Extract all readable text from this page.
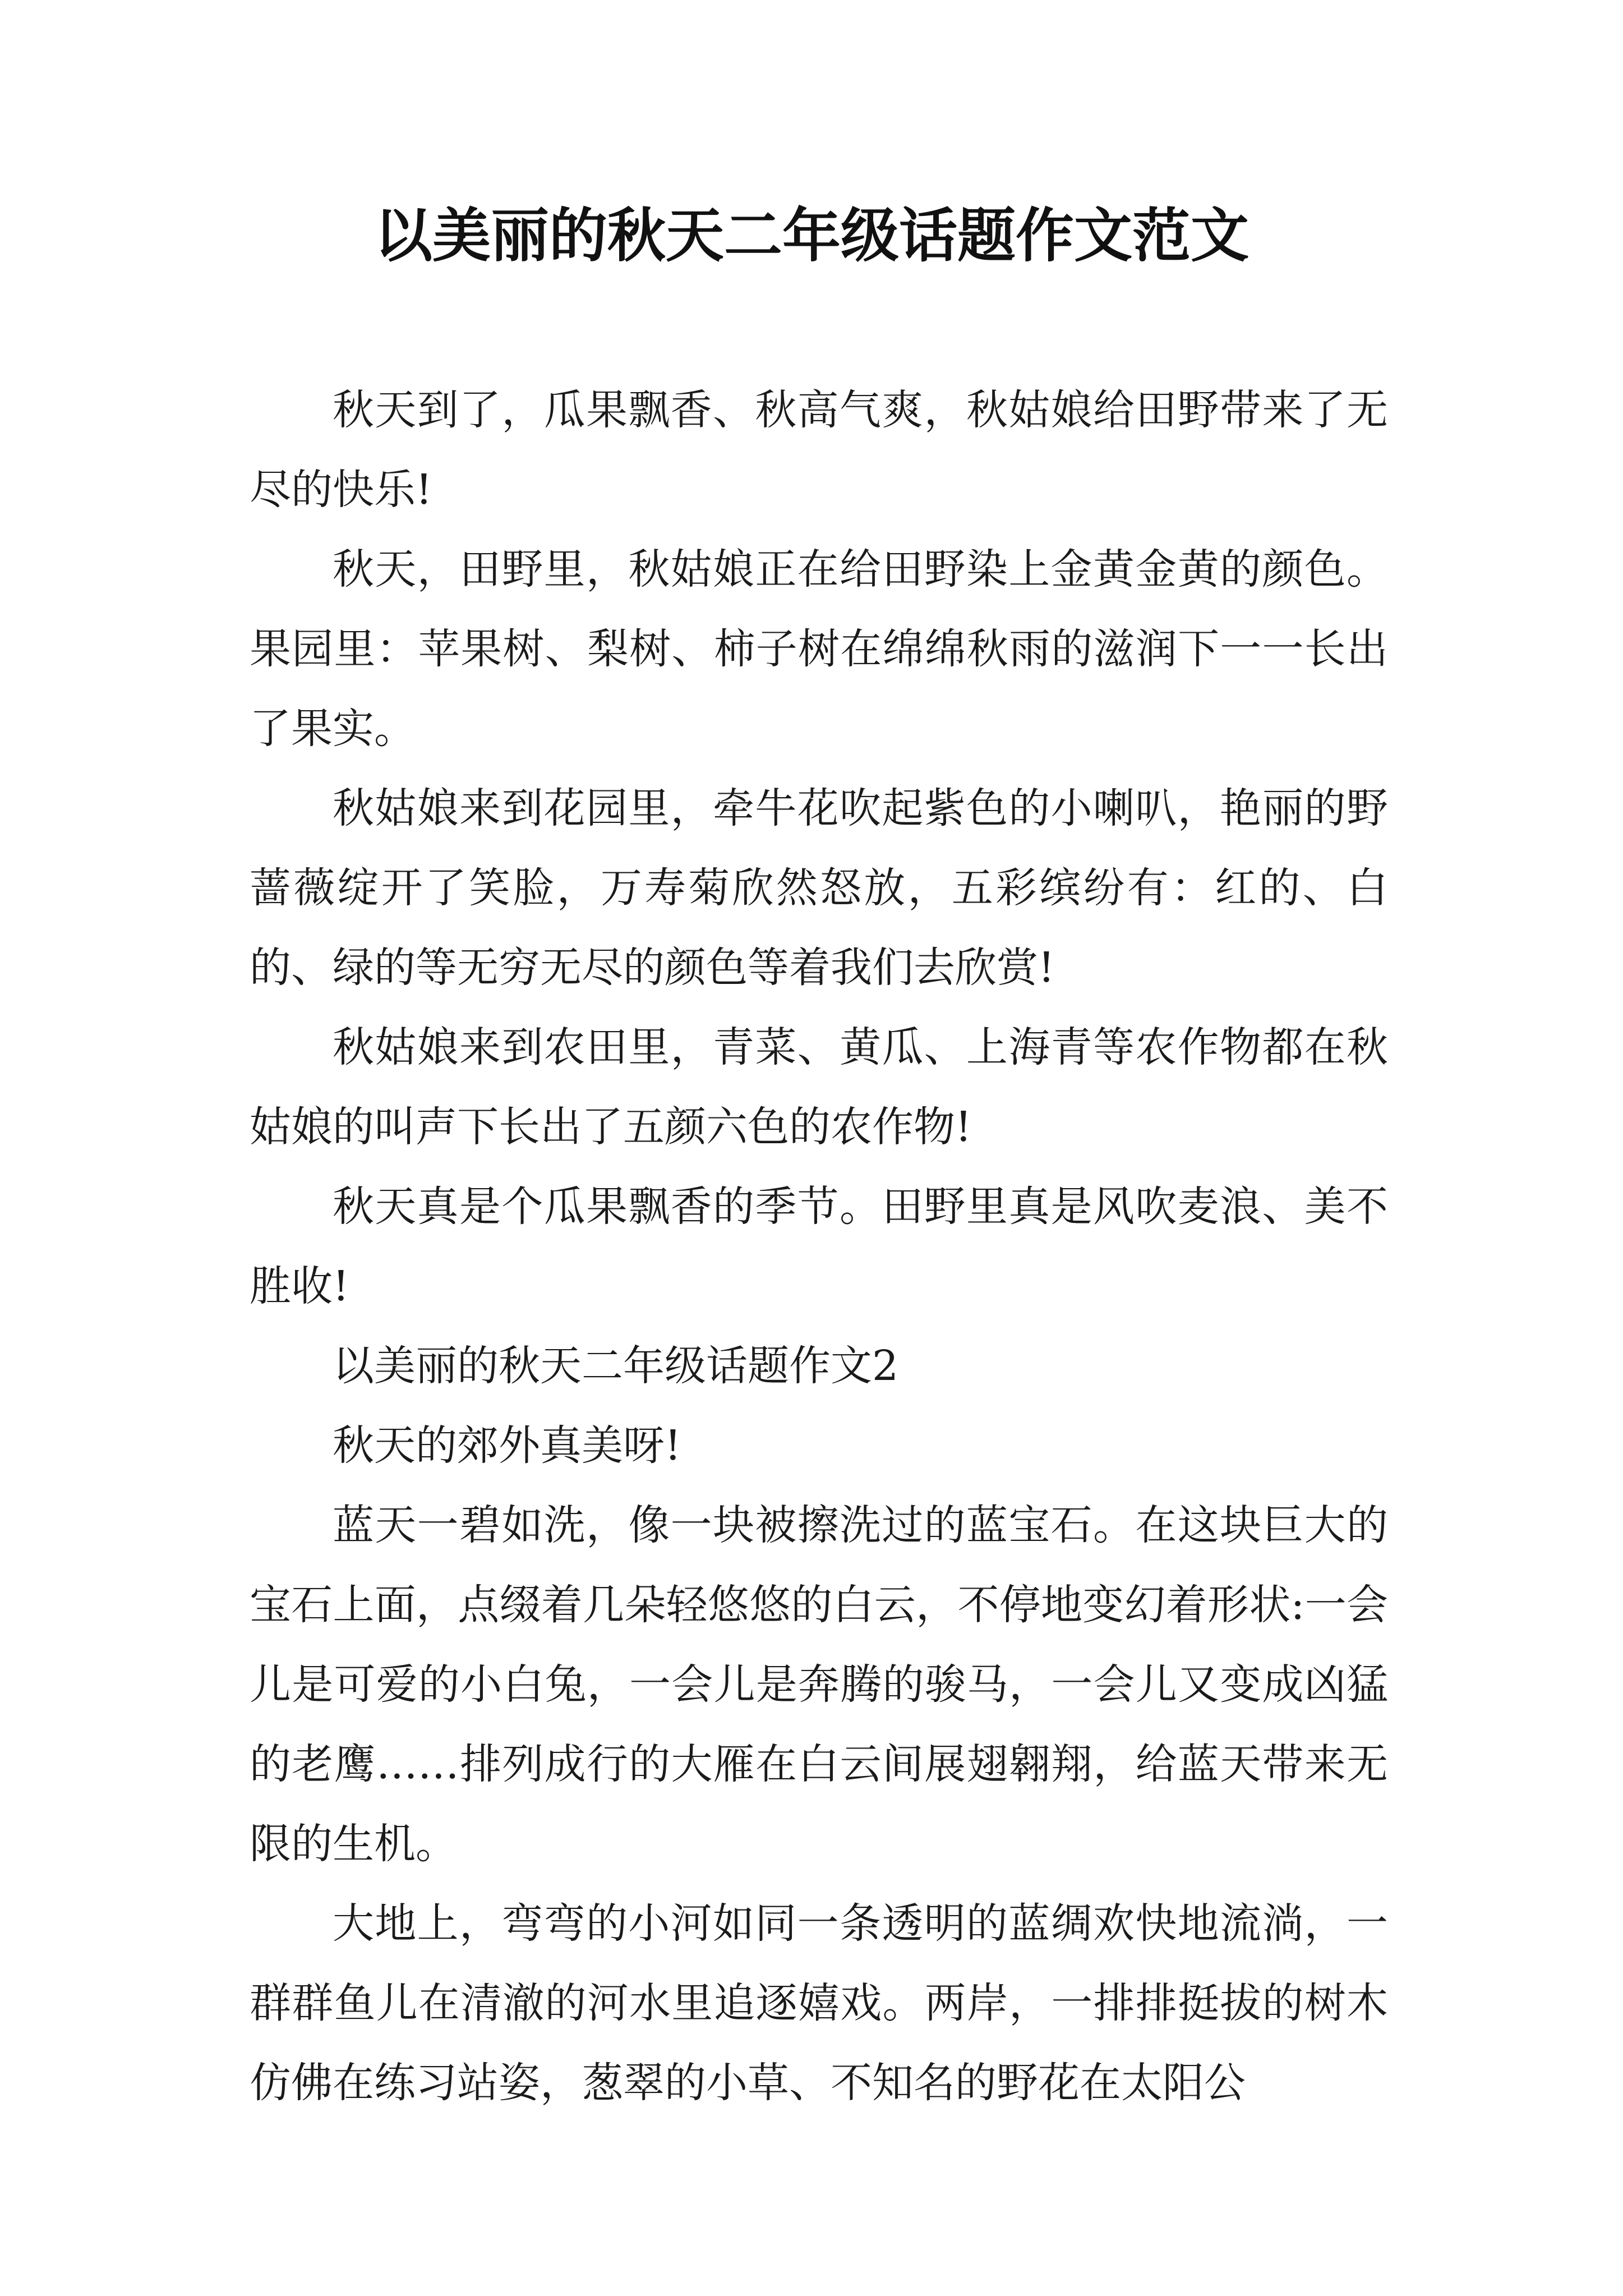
以美丽的秋天二年级话题作文范文

秋天到了，瓜果飘香、秋高气爽，秋姑娘给田野带来了无尽的快乐!

秋天，田野里，秋姑娘正在给田野染上金黄金黄的颜色。果园里：苹果树、梨树、柿子树在绵绵秋雨的滋润下一一长出了果实。

秋姑娘来到花园里，牵牛花吹起紫色的小喇叭，艳丽的野蔷薇绽开了笑脸，万寿菊欣然怒放，五彩缤纷有：红的、白的、绿的等无穷无尽的颜色等着我们去欣赏!

秋姑娘来到农田里，青菜、黄瓜、上海青等农作物都在秋姑娘的叫声下长出了五颜六色的农作物!

秋天真是个瓜果飘香的季节。田野里真是风吹麦浪、美不胜收!

以美丽的秋天二年级话题作文2

秋天的郊外真美呀!

蓝天一碧如洗，像一块被擦洗过的蓝宝石。在这块巨大的宝石上面，点缀着几朵轻悠悠的白云，不停地变幻着形状:一会儿是可爱的小白兔，一会儿是奔腾的骏马，一会儿又变成凶猛的老鹰……排列成行的大雁在白云间展翅翱翔，给蓝天带来无限的生机。

大地上，弯弯的小河如同一条透明的蓝绸欢快地流淌，一群群鱼儿在清澈的河水里追逐嬉戏。两岸，一排排挺拔的树木仿佛在练习站姿，葱翠的小草、不知名的野花在太阳公
